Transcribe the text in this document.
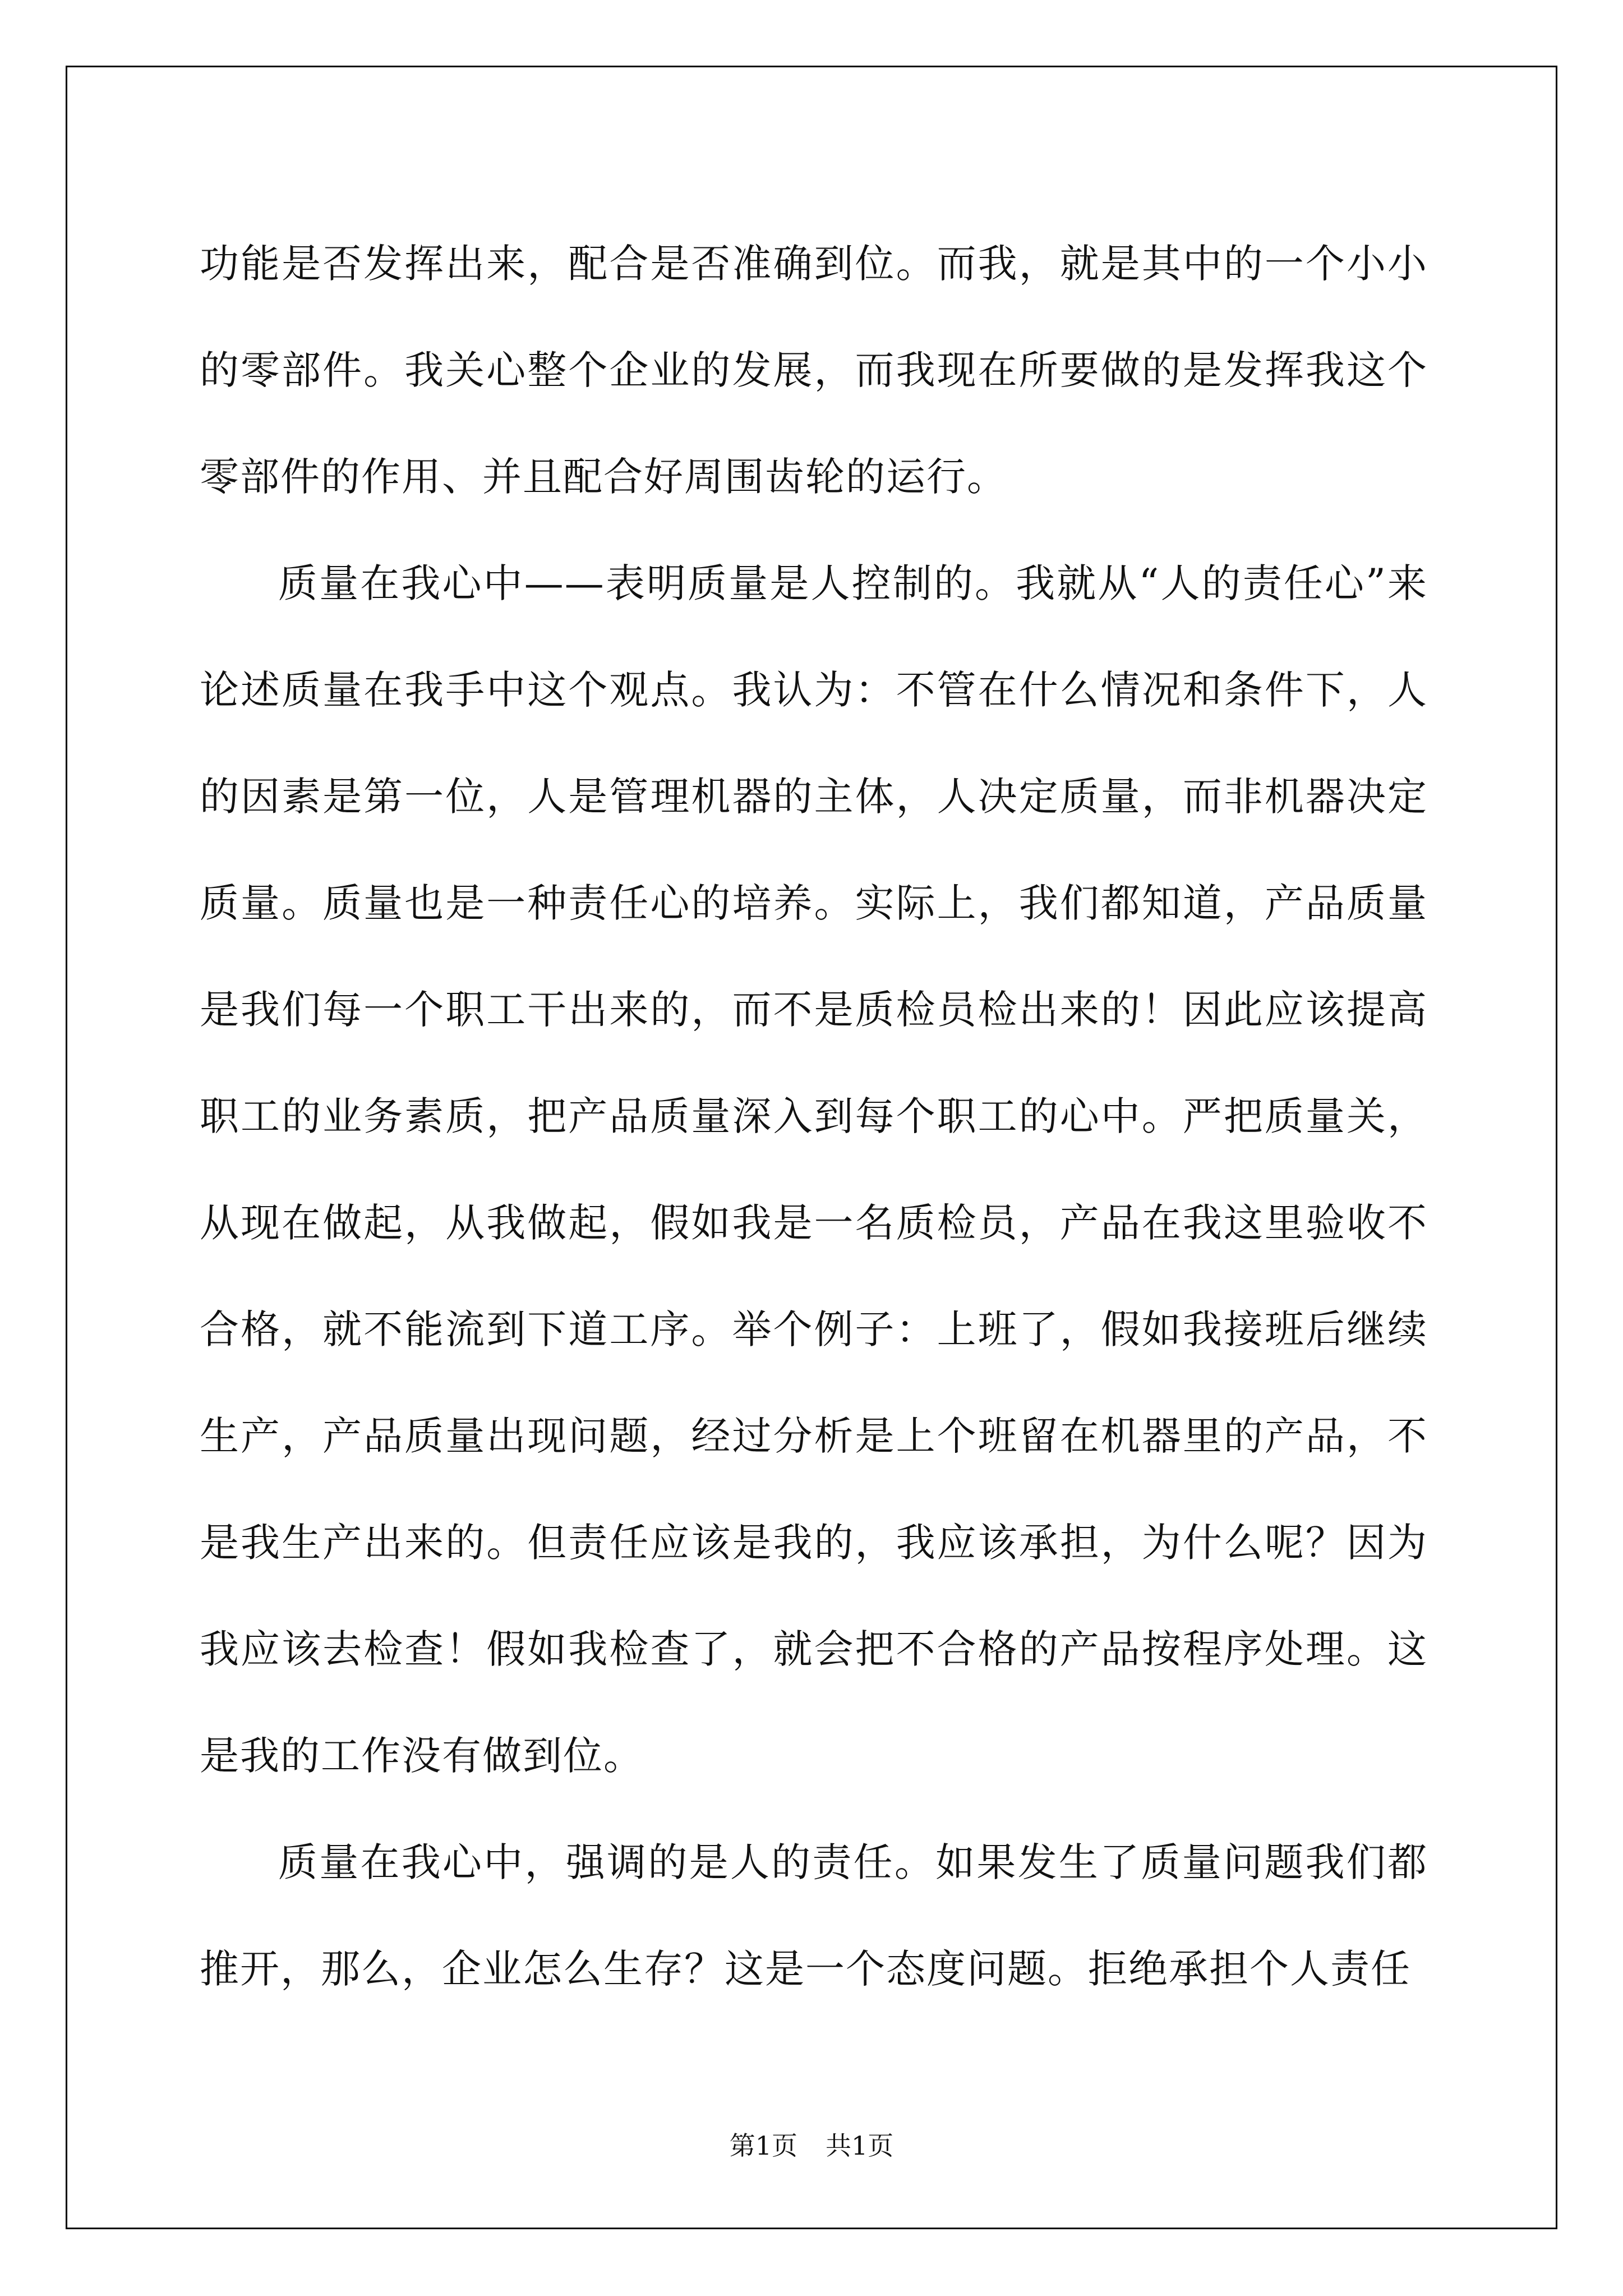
功能是否发挥出来，配合是否准确到位。而我，就是其中的一个小小的零部件。我关心整个企业的发展，而我现在所要做的是发挥我这个零部件的作用、并且配合好周围齿轮的运行。

质量在我心中——表明质量是人控制的。我就从“人的责任心”来论述质量在我手中这个观点。我认为：不管在什么情况和条件下，人的因素是第一位，人是管理机器的主体，人决定质量，而非机器决定质量。质量也是一种责任心的培养。实际上，我们都知道，产品质量是我们每一个职工干出来的，而不是质检员检出来的！因此应该提高职工的业务素质，把产品质量深入到每个职工的心中。严把质量关，从现在做起，从我做起，假如我是一名质检员，产品在我这里验收不合格，就不能流到下道工序。举个例子：上班了，假如我接班后继续生产，产品质量出现问题，经过分析是上个班留在机器里的产品，不是我生产出来的。但责任应该是我的，我应该承担，为什么呢？因为我应该去检查！假如我检查了，就会把不合格的产品按程序处理。这是我的工作没有做到位。

质量在我心中，强调的是人的责任。如果发生了质量问题我们都推开，那么，企业怎么生存？这是一个态度问题。拒绝承担个人责任

第1页 共1页
